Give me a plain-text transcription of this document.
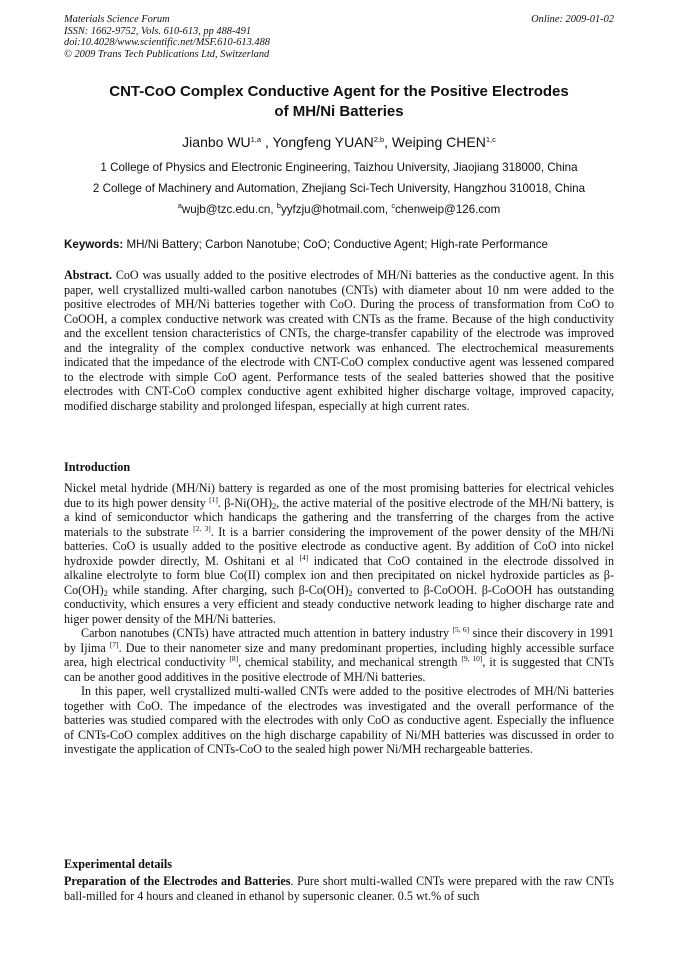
Materials Science Forum
ISSN: 1662-9752, Vols. 610-613, pp 488-491
doi:10.4028/www.scientific.net/MSF.610-613.488
© 2009 Trans Tech Publications Ltd, Switzerland
Online: 2009-01-02
CNT-CoO Complex Conductive Agent for the Positive Electrodes
of MH/Ni Batteries
Jianbo WU$^{1,a}$ , Yongfeng YUAN$^{2,b}$, Weiping CHEN$^{1,c}$
1 College of Physics and Electronic Engineering, Taizhou University, Jiaojiang 318000, China
2 College of Machinery and Automation, Zhejiang Sci-Tech University, Hangzhou 310018, China
$^a$wujb@tzc.edu.cn, $^b$yyfzju@hotmail.com, $^c$chenweip@126.com
Keywords: MH/Ni Battery; Carbon Nanotube; CoO; Conductive Agent; High-rate Performance

Abstract. CoO was usually added to the positive electrodes of MH/Ni batteries as the conductive agent. In this paper, well crystallized multi-walled carbon nanotubes (CNTs) with diameter about 10 nm were added to the positive electrodes of MH/Ni batteries together with CoO. During the process of transformation from CoO to CoOOH, a complex conductive network was created with CNTs as the frame. Because of the high conductivity and the excellent tension characteristics of CNTs, the charge-transfer capability of the electrode was improved and the integrality of the complex conductive network was enhanced. The electrochemical measurements indicated that the impedance of the electrode with CNT-CoO complex conductive agent was lessened compared to the electrode with simple CoO agent. Performance tests of the sealed batteries showed that the positive electrodes with CNT-CoO complex conductive agent exhibited higher discharge voltage, improved capacity, modified discharge stability and prolonged lifespan, especially at high current rates.

Introduction

Nickel metal hydride (MH/Ni) battery is regarded as one of the most promising batteries for electrical vehicles due to its high power density [1]. $\beta-Ni(OH)_2$, the active material of the positive electrode of the MH/Ni battery, is a kind of semiconductor which handicaps the gathering and the transferring of the charges from the active materials to the substrate [2, 3]. It is a barrier considering the improvement of the power density of the MH/Ni batteries. CoO is usually added to the positive electrode as conductive agent. By addition of CoO into nickel hydroxide powder directly, M. Oshitani et al [4] indicated that CoO contained in the electrode dissolved in alkaline electrolyte to form blue Co(II) complex ion and then precipitated on nickel hydroxide particles as $\beta-Co(OH)_2$ while standing. After charging, such $\beta-Co(OH)_2$ converted to β-CoOOH. β-CoOOH has outstanding conductivity, which ensures a very efficient and steady conductive network leading to higher discharge rate and higer power density of the MH/Ni batteries.

Carbon nanotubes (CNTs) have attracted much attention in battery industry [5, 6] since their discovery in 1991 by Ijima [7]. Due to their nanometer size and many predominant properties, including highly accessible surface area, high electrical conductivity [8], chemical stability, and mechanical strength [9, 10], it is suggested that CNTs can be another good additives in the positive electrode of MH/Ni batteries.

In this paper, well crystallized multi-walled CNTs were added to the positive electrodes of MH/Ni batteries together with CoO. The impedance of the electrodes was investigated and the overall performance of the batteries was studied compared with the electrodes with only CoO as conductive agent. Especially the influence of CNTs-CoO complex additives on the high discharge capability of Ni/MH batteries was discussed in order to investigate the application of CNTs-CoO to the sealed high power Ni/MH rechargeable batteries.

Experimental details

Preparation of the Electrodes and Batteries. Pure short multi-walled CNTs were prepared with the raw CNTs ball-milled for 4 hours and cleaned in ethanol by supersonic cleaner. 0.5 wt.% of such
